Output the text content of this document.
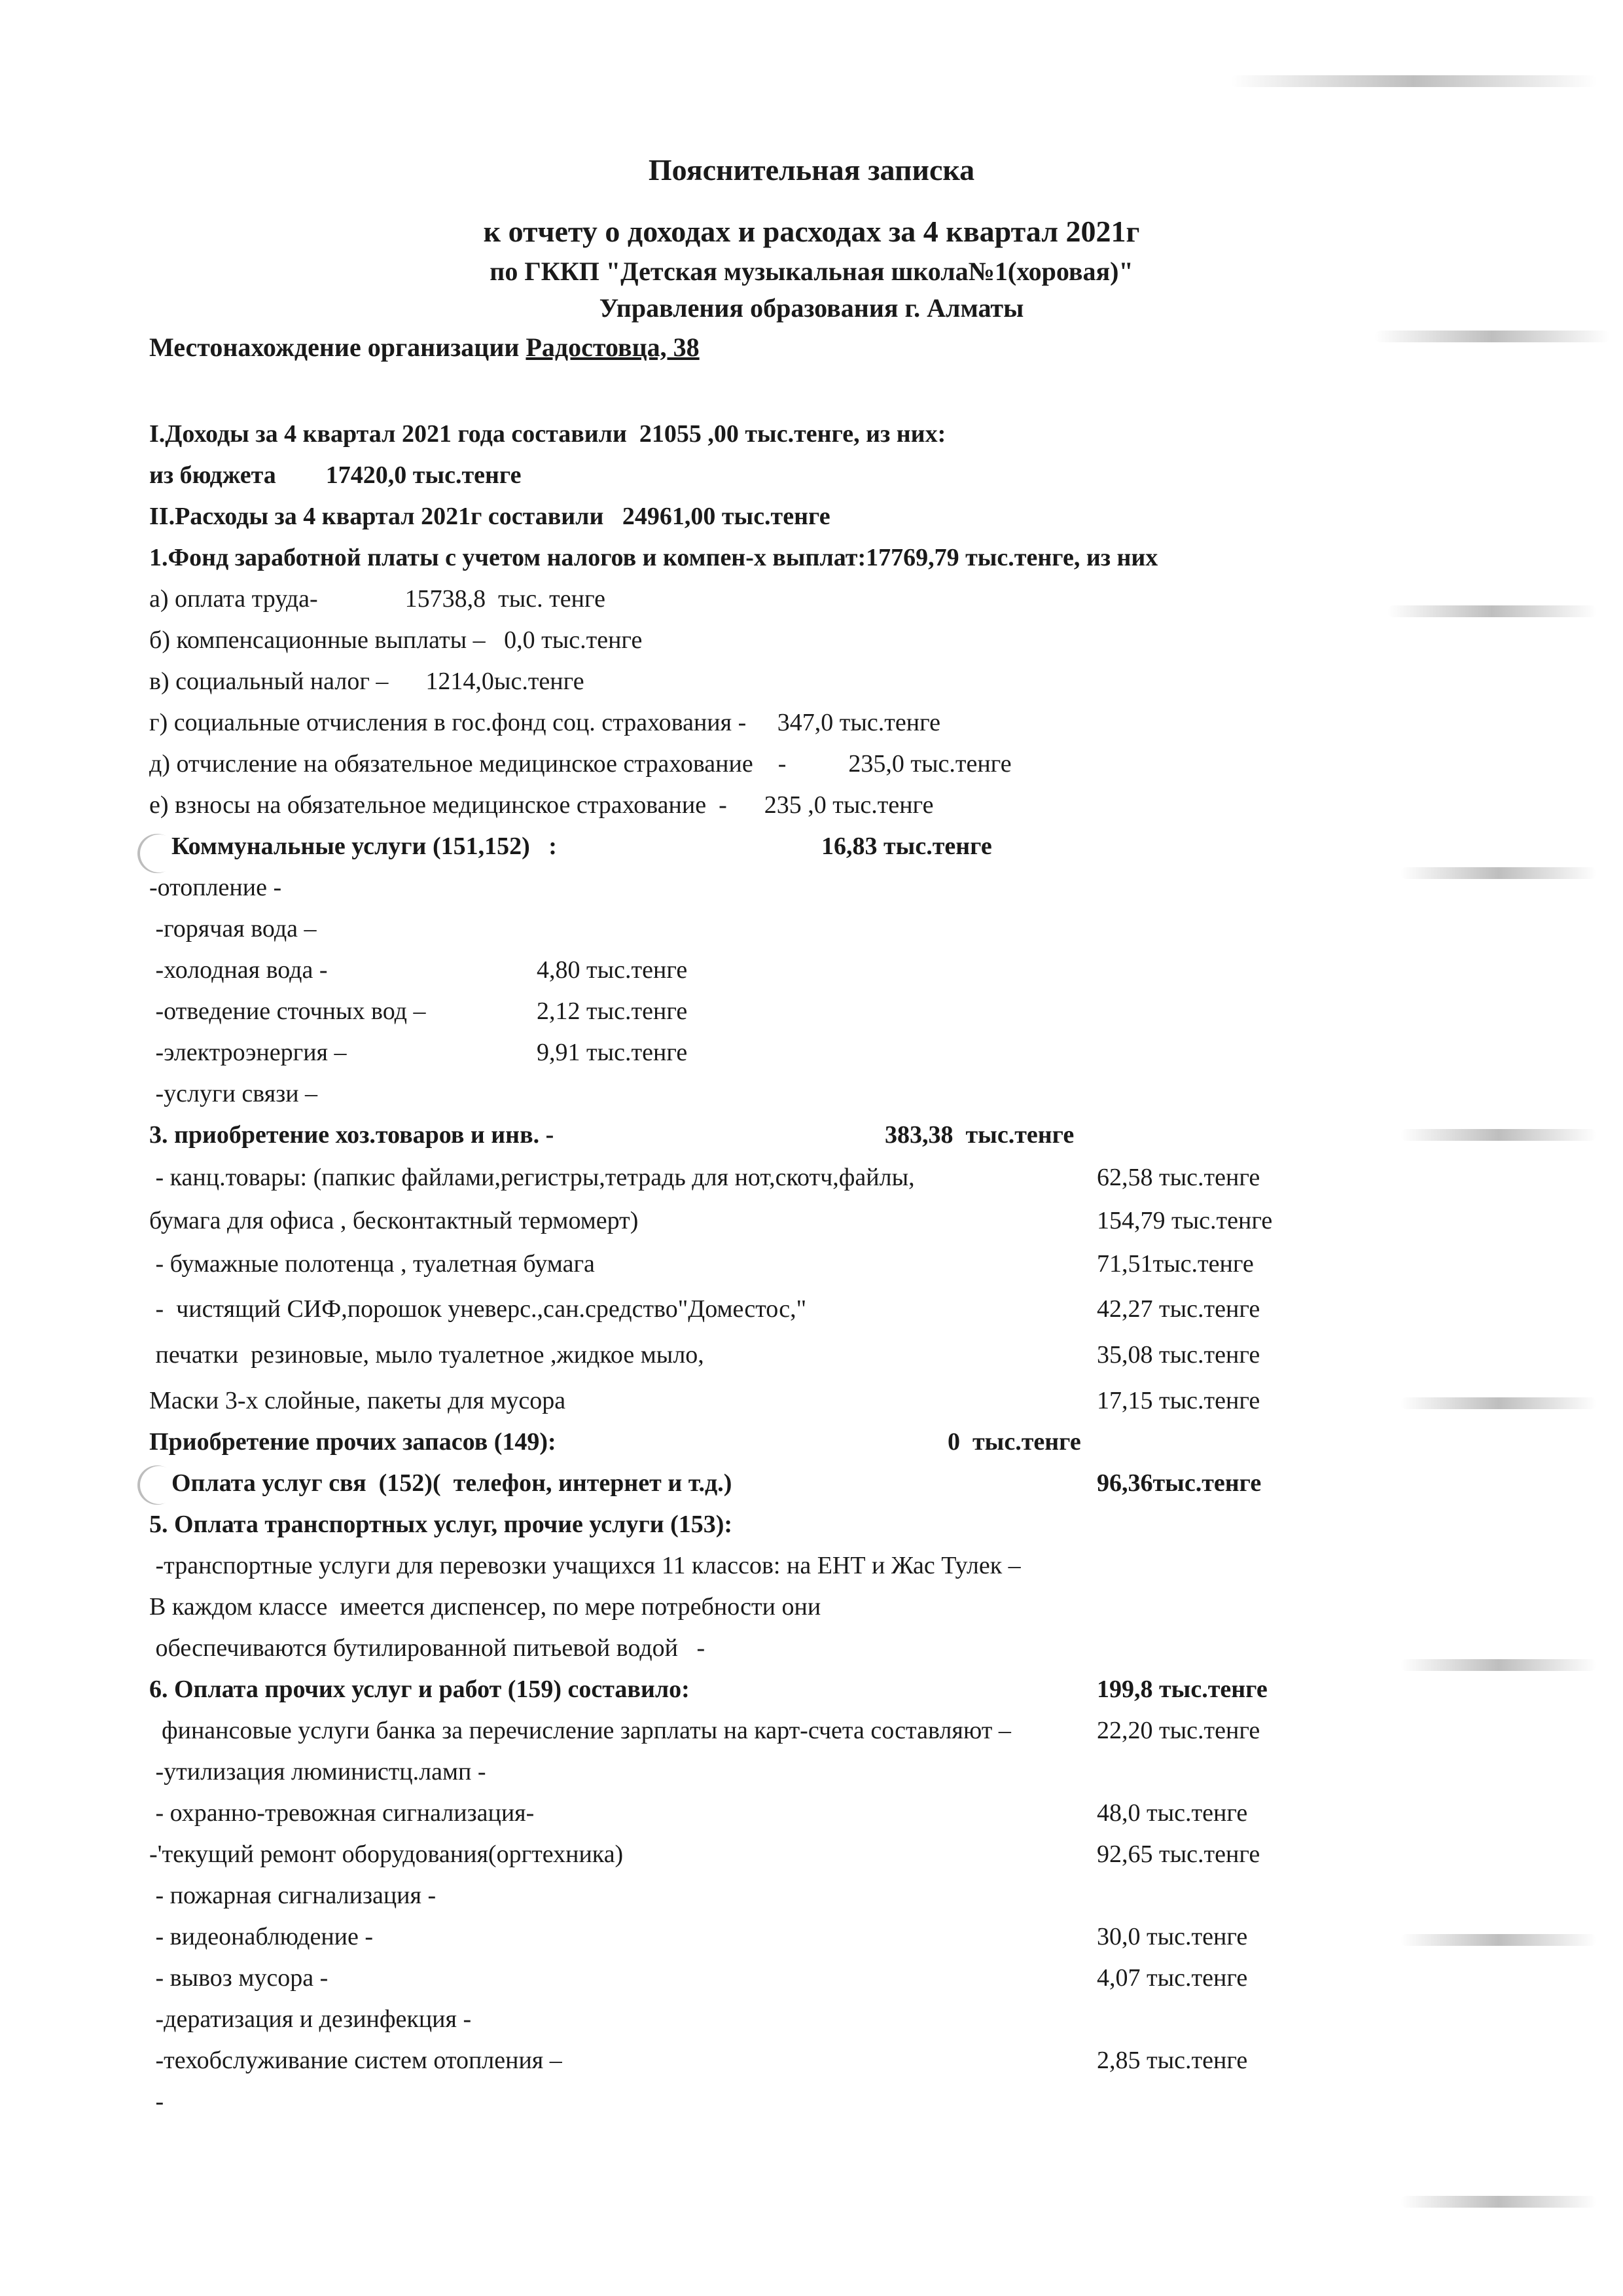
Пояснительная записка
к отчету о доходах и расходах за 4 квартал 2021г
по ГККП "Детская музыкальная школа№1(хоровая)"
Управления образования г. Алматы
Местонахождение организации Радостовца, 38
I.Доходы за 4 квартал 2021 года составили  21055 ,00 тыс.тенге, из них:
из бюджета        17420,0 тыс.тенге
II.Расходы за 4 квартал 2021г составили   24961,00 тыс.тенге
1.Фонд заработной платы с учетом налогов и компен-х выплат:17769,79 тыс.тенге, из них
а) оплата труда-              15738,8  тыс. тенге
б) компенсационные выплаты –   0,0 тыс.тенге
в) социальный налог –      1214,0ыс.тенге
г) социальные отчисления в гос.фонд соц. страхования -     347,0 тыс.тенге
д) отчисление на обязательное медицинское страхование    -          235,0 тыс.тенге
е) взносы на обязательное медицинское страхование  -      235 ,0 тыс.тенге
Коммунальные услуги (151,152)   :	16,83 тыс.тенге
-отопление -
-горячая вода –
-холодная вода -	4,80 тыс.тенге
-отведение сточных вод –	2,12 тыс.тенге
-электроэнергия –	9,91 тыс.тенге
-услуги связи –
3. приобретение хоз.товаров и инв. -	383,38  тыс.тенге
- канц.товары: (папкис файлами,регистры,тетрадь для нот,скотч,файлы,	62,58 тыс.тенге
бумага для офиса , бесконтактный термомерт)	154,79 тыс.тенге
- бумажные полотенца , туалетная бумага	71,51тыс.тенге
-  чистящий СИФ,порошок уневерс.,сан.средство"Доместос,"	42,27 тыс.тенге
печатки  резиновые, мыло туалетное ,жидкое мыло,	35,08 тыс.тенге
Маски 3-х слойные, пакеты для мусора	17,15 тыс.тенге
Приобретение прочих запасов (149):	0  тыс.тенге
Оплата услуг свя  (152)(  телефон, интернет и т.д.)	96,36тыс.тенге
5. Оплата транспортных услуг, прочие услуги (153):
-транспортные услуги для перевозки учащихся 11 классов: на ЕНТ и Жас Тулек –
В каждом классе  имеется диспенсер, по мере потребности они
обеспечиваются бутилированной питьевой водой   -
6. Оплата прочих услуг и работ (159) составило:	199,8 тыс.тенге
финансовые услуги банка за перечисление зарплаты на карт-счета составляют –	22,20 тыс.тенге
-утилизация люминистц.ламп -
- охранно-тревожная сигнализация-	48,0 тыс.тенге
-'текущий ремонт оборудования(оргтехника)	92,65 тыс.тенге
- пожарная сигнализация -
- видеонаблюдение -	30,0 тыс.тенге
- вывоз мусора -	4,07 тыс.тенге
-дератизация и дезинфекция -
-техобслуживание систем отопления –	2,85 тыс.тенге
-
